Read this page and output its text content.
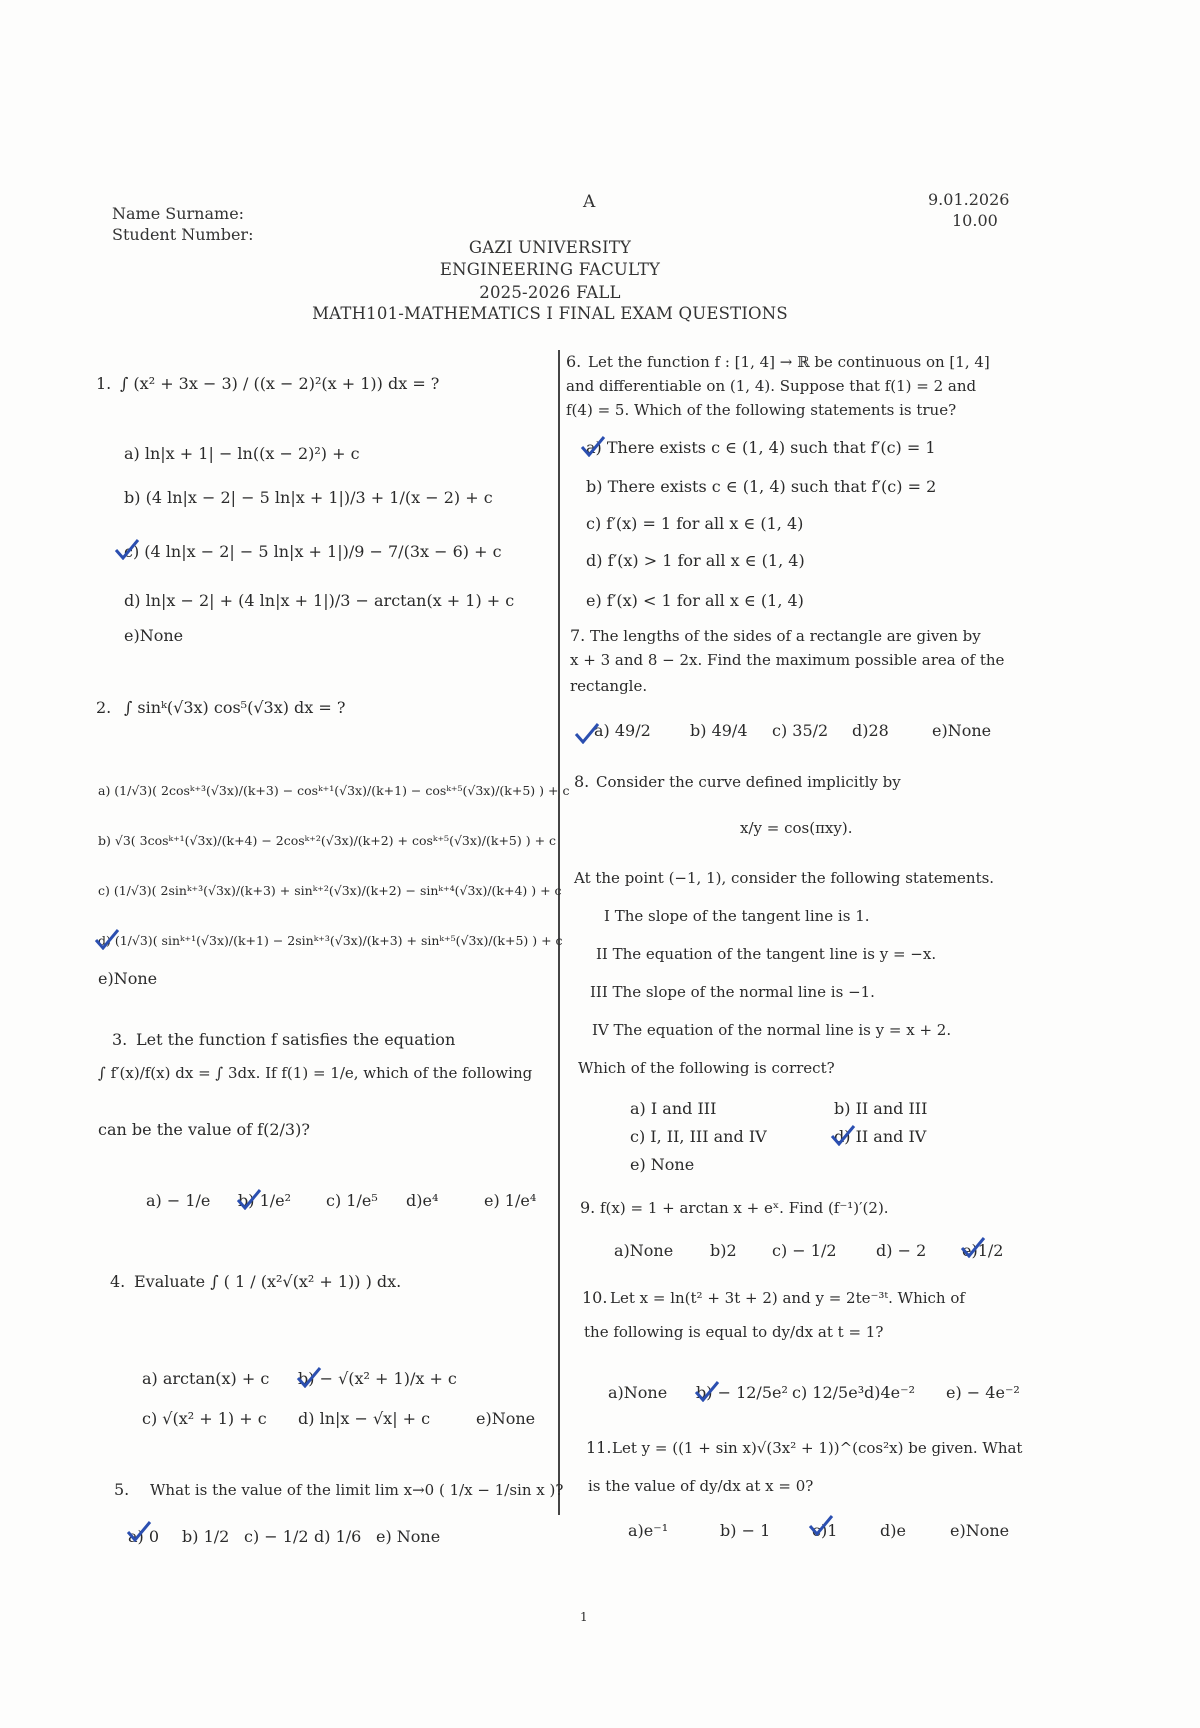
Name Surname:
Student Number:
A	9.01.2026
10.00
GAZI UNIVERSITY
ENGINEERING FACULTY
2025-2026 FALL
MATH101-MATHEMATICS I FINAL EXAM QUESTIONS
1. ∫ (x² + 3x − 3) / ((x − 2)²(x + 1)) dx = ?
a) ln|x + 1| − ln((x − 2)²) + c
b) (4 ln|x − 2| − 5 ln|x + 1|)/3 + 1/(x − 2) + c
c) (4 ln|x − 2| − 5 ln|x + 1|)/9 − 7/(3x − 6) + c
d) ln|x − 2| + (4 ln|x + 1|)/3 − arctan(x + 1) + c
e)None
2. ∫ sinᵏ(√3x) cos⁵(√3x) dx = ?
a) (1/√3)( 2cosᵏ⁺³(√3x)/(k+3) − cosᵏ⁺¹(√3x)/(k+1) − cosᵏ⁺⁵(√3x)/(k+5) ) + c
b) √3( 3cosᵏ⁺¹(√3x)/(k+4) − 2cosᵏ⁺²(√3x)/(k+2) + cosᵏ⁺⁵(√3x)/(k+5) ) + c
c) (1/√3)( 2sinᵏ⁺³(√3x)/(k+3) + sinᵏ⁺²(√3x)/(k+2) − sinᵏ⁺⁴(√3x)/(k+4) ) + c
d) (1/√3)( sinᵏ⁺¹(√3x)/(k+1) − 2sinᵏ⁺³(√3x)/(k+3) + sinᵏ⁺⁵(√3x)/(k+5) ) + c
e)None
3. Let the function f satisfies the equation
∫ f′(x)/f(x) dx = ∫ 3dx. If f(1) = 1/e, which of the following
can be the value of f(2/3)?
a) − 1/e b) 1/e² c) 1/e⁵ d)e⁴	e) 1/e⁴
4. Evaluate ∫ ( 1 / (x²√(x² + 1)) ) dx.
a) arctan(x) + c b) − √(x² + 1)/x + c
c) √(x² + 1) + c d) ln|x − √x| + c	e)None
5. What is the value of the limit lim x→0 ( 1/x − 1/sin x )?
a) 0 b) 1/2 c) − 1/2 d) 1/6 e) None
6. Let the function f : [1, 4] → ℝ be continuous on [1, 4]
and differentiable on (1, 4). Suppose that f(1) = 2 and
f(4) = 5. Which of the following statements is true?
a) There exists c ∈ (1, 4) such that f′(c) = 1
b) There exists c ∈ (1, 4) such that f′(c) = 2
c) f′(x) = 1 for all x ∈ (1, 4)
d) f′(x) > 1 for all x ∈ (1, 4)
e) f′(x) < 1 for all x ∈ (1, 4)
7. The lengths of the sides of a rectangle are given by
x + 3 and 8 − 2x. Find the maximum possible area of the
rectangle.
a) 49/2 b) 49/4 c) 35/2 d)28	e)None
8. Consider the curve defined implicitly by
x/y = cos(πxy).
At the point (−1, 1), consider the following statements.
I The slope of the tangent line is 1.
II The equation of the tangent line is y = −x.
III The slope of the normal line is −1.
IV The equation of the normal line is y = x + 2.
Which of the following is correct?
a) I and III	b) II and III
c) I, II, III and IV	d) II and IV
e) None
9. f(x) = 1 + arctan x + eˣ. Find (f⁻¹)′(2).
a)None b)2 c) − 1/2 d) − 2 e)1/2
10. Let x = ln(t² + 3t + 2) and y = 2te⁻³ᵗ. Which of
the following is equal to dy/dx at t = 1?
a)None b) − 12/5e² c) 12/5e³ d)4e⁻² e) − 4e⁻²
11. Let y = ((1 + sin x)√(3x² + 1))^(cos²x) be given. What
is the value of dy/dx at x = 0?
a)e⁻¹	b) − 1	c)1	d)e	e)None
1
